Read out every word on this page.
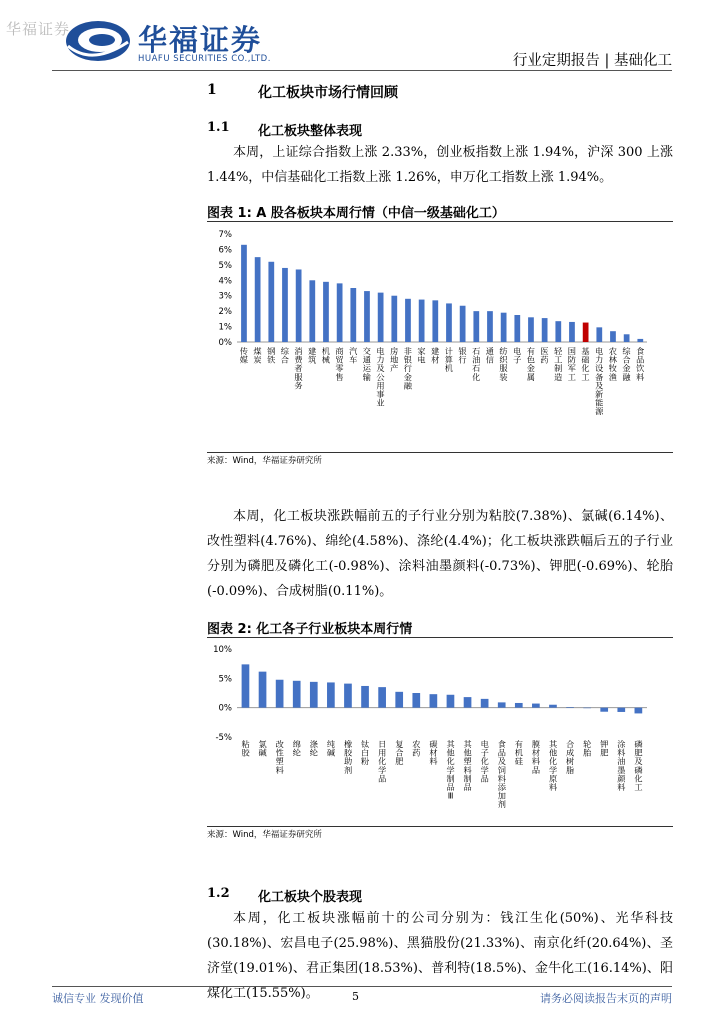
华福证券 华福证券
HUAFU SECURITIES CO.,LTD.	行业定期报告 | 基础化工
1	化工板块市场行情回顾
1.1 化工板块整体表现

本周，上证综合指数上涨 2.33%，创业板指数上涨 1.94%，沪深 300 上涨 1.44%，中信基础化工指数上涨 1.26%，申万化工指数上涨 1.94%。

图表 1: A 股各板块本周行情（中信一级基础化工）
0%
1%
2%
3%
4%
5%
6%
7%
传媒
煤炭
钢铁
综合
消费者服务
建筑
机械
商贸零售
汽车
交通运输
电力及公用事业
房地产
非银行金融
家电
建材
计算机
银行
石油石化
通信
纺织服装
电子
有色金属
医药
轻工制造
国防军工
基础化工
电力设备及新能源
农林牧渔
综合金融
食品饮料
来源：Wind，华福证券研究所

本周，化工板块涨跌幅前五的子行业分别为粘胶(7.38%)、氯碱(6.14%)、改性塑料(4.76%)、绵纶(4.58%)、涤纶(4.4%)；化工板块涨跌幅后五的子行业分别为磷肥及磷化工(-0.98%)、涂料油墨颜料(-0.73%)、钾肥(-0.69%)、轮胎(-0.09%)、合成树脂(0.11%)。

图表 2: 化工各子行业板块本周行情
10%
5%
0%
-5%
粘胶
氯碱
改性塑料
绵纶
涤纶
纯碱
橡胶助剂
钛白粉
日用化学品
复合肥
农药
碳材料
其他化学制品 Ⅲ
其他塑料制品
电子化学品
食品及饲料添加剂
有机硅
膜材料品
其他化学原料
合成树脂
轮胎
钾肥
涂料油墨颜料
磷肥及磷化工
来源：Wind，华福证券研究所
1.2 化工板块个股表现

本周，化工板块涨幅前十的公司分别为：钱江生化(50%)、光华科技(30.18%)、宏昌电子(25.98%)、黑猫股份(21.33%)、南京化纤(20.64%)、圣济堂(19.01%)、君正集团(18.53%)、普利特(18.5%)、金牛化工(16.14%)、阳煤化工(15.55%)。

诚信专业 发现价值	5	请务必阅读报告末页的声明
